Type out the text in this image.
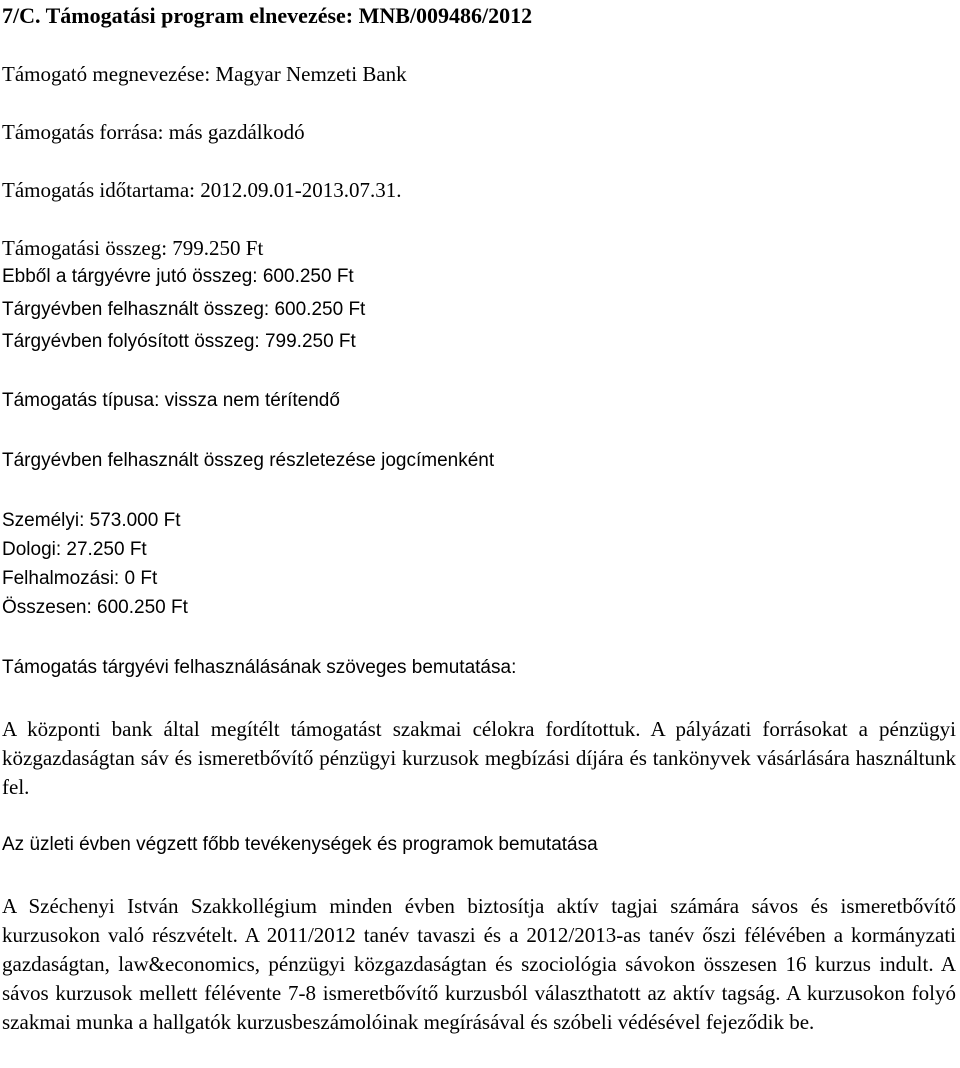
7/C. Támogatási program elnevezése: MNB/009486/2012

Támogató megnevezése: Magyar Nemzeti Bank

Támogatás forrása: más gazdálkodó

Támogatás időtartama: 2012.09.01-2013.07.31.

Támogatási összeg: 799.250 Ft

Ebből a tárgyévre jutó összeg: 600.250 Ft

Tárgyévben felhasznált összeg: 600.250 Ft

Tárgyévben folyósított összeg: 799.250 Ft

Támogatás típusa: vissza nem térítendő

Tárgyévben felhasznált összeg részletezése jogcímenként

Személyi: 573.000 Ft

Dologi: 27.250 Ft

Felhalmozási: 0 Ft

Összesen: 600.250 Ft

Támogatás tárgyévi felhasználásának szöveges bemutatása:

A központi bank által megítélt támogatást szakmai célokra fordítottuk. A pályázati forrásokat a pénzügyi közgazdaságtan sáv és ismeretbővítő pénzügyi kurzusok megbízási díjára és tankönyvek vásárlására használtunk fel.

Az üzleti évben végzett főbb tevékenységek és programok bemutatása

A Széchenyi István Szakkollégium minden évben biztosítja aktív tagjai számára sávos és ismeretbővítő kurzusokon való részvételt. A 2011/2012 tanév tavaszi és a 2012/2013-as tanév őszi félévében a kormányzati gazdaságtan, law&economics, pénzügyi közgazdaságtan és szociológia sávokon összesen 16 kurzus indult. A sávos kurzusok mellett félévente 7-8 ismeretbővítő kurzusból választhatott az aktív tagság. A kurzusokon folyó szakmai munka a hallgatók kurzusbeszámolóinak megírásával és szóbeli védésével fejeződik be.
